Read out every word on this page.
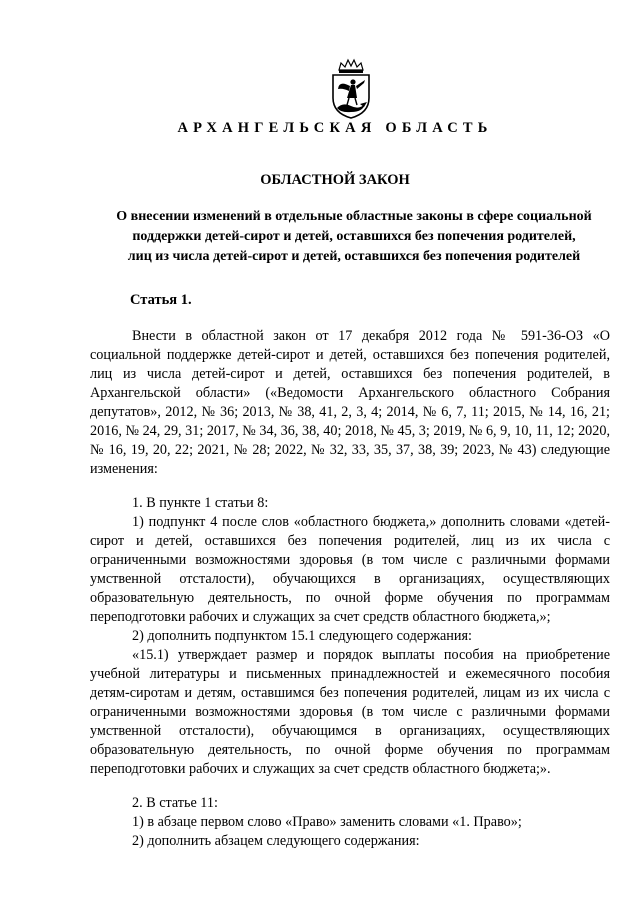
АРХАНГЕЛЬСКАЯ ОБЛАСТЬ
ОБЛАСТНОЙ ЗАКОН
О внесении изменений в отдельные областные законы в сфере социальной
поддержки детей-сирот и детей, оставшихся без попечения родителей,
лиц из числа детей-сирот и детей, оставшихся без попечения родителей
Статья 1.

Внести в областной закон от 17 декабря 2012 года № 591-36-ОЗ «О социальной поддержке детей-сирот и детей, оставшихся без попечения родителей, лиц из числа детей-сирот и детей, оставшихся без попечения родителей, в Архангельской области» («Ведомости Архангельского областного Собрания депутатов», 2012, № 36; 2013, № 38, 41, 2, 3, 4; 2014, № 6, 7, 11; 2015, № 14, 16, 21; 2016, № 24, 29, 31; 2017, № 34, 36, 38, 40; 2018, № 45, 3; 2019, № 6, 9, 10, 11, 12; 2020, № 16, 19, 20, 22; 2021, № 28; 2022, № 32, 33, 35, 37, 38, 39; 2023, № 43) следующие изменения:

1. В пункте 1 статьи 8:

1) подпункт 4 после слов «областного бюджета,» дополнить словами «детей-сирот и детей, оставшихся без попечения родителей, лиц из их числа с ограниченными возможностями здоровья (в том числе с различными формами умственной отсталости), обучающихся в организациях, осуществляющих образовательную деятельность, по очной форме обучения по программам переподготовки рабочих и служащих за счет средств областного бюджета,»;

2) дополнить подпунктом 15.1 следующего содержания:

«15.1) утверждает размер и порядок выплаты пособия на приобретение учебной литературы и письменных принадлежностей и ежемесячного пособия детям-сиротам и детям, оставшимся без попечения родителей, лицам из их числа с ограниченными возможностями здоровья (в том числе с различными формами умственной отсталости), обучающимся в организациях, осуществляющих образовательную деятельность, по очной форме обучения по программам переподготовки рабочих и служащих за счет средств областного бюджета;».

2. В статье 11:

1) в абзаце первом слово «Право» заменить словами «1. Право»;

2) дополнить абзацем следующего содержания:
